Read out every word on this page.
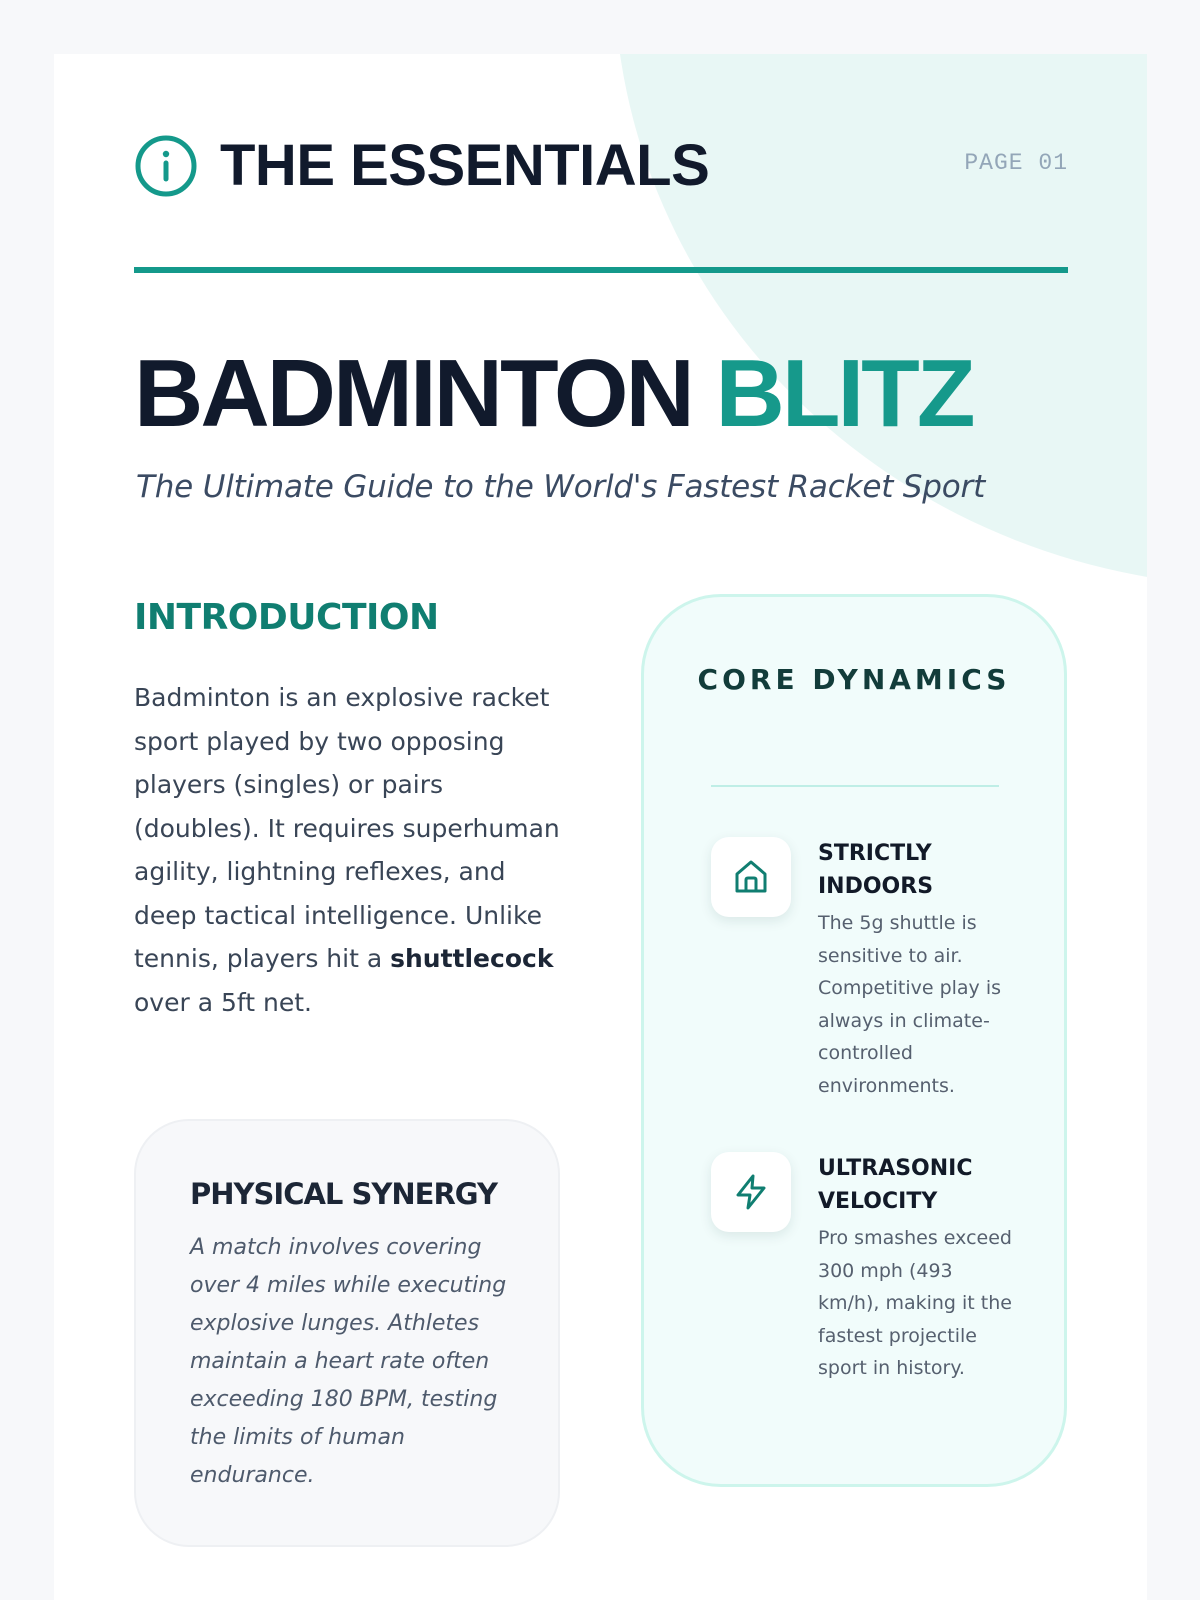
THE ESSENTIALS	PAGE 01
BADMINTON BLITZ
The Ultimate Guide to the World's Fastest Racket Sport
INTRODUCTION

Badminton is an explosive racket sport played by two opposing players (singles) or pairs (doubles). It requires superhuman agility, lightning reflexes, and deep tactical intelligence. Unlike tennis, players hit a shuttlecock over a 5ft net.

PHYSICAL SYNERGY

A match involves covering over 4 miles while executing explosive lunges. Athletes maintain a heart rate often exceeding 180 BPM, testing the limits of human endurance.

CORE DYNAMICS
STRICTLY INDOORS
The 5g shuttle is sensitive to air. Competitive play is always in climate-controlled environments.
ULTRASONIC VELOCITY
Pro smashes exceed 300 mph (493 km/h), making it the fastest projectile sport in history.
